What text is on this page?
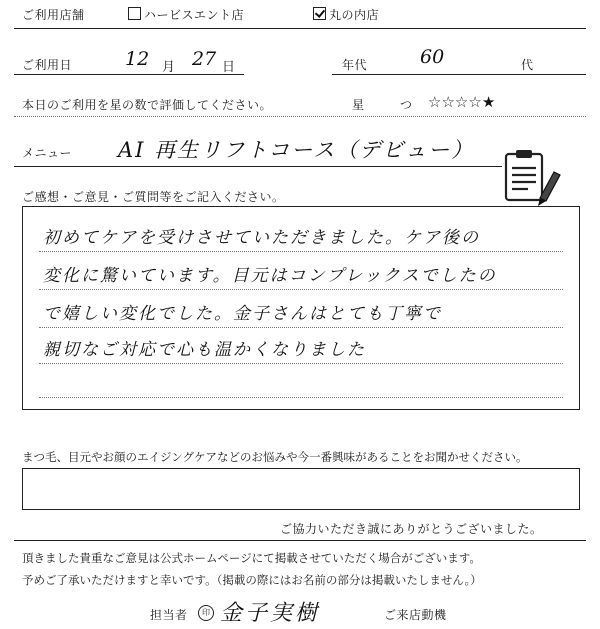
ご利用店舗	ハービスエント店	丸の内店
ご利用日	12 月 27 日	年代	60	代
本日のご利用を星の数で評価してください。	星	つ ☆☆☆☆★
メニュー AI 再生リフトコース（デビュー）
ご感想・ご意見・ご質問等をご記入ください。
初めてケアを受けさせていただきました。ケア後の
変化に驚いています。目元はコンプレックスでしたの
で嬉しい変化でした。金子さんはとても丁寧で
親切なご対応で心も温かくなりました
まつ毛、目元やお顔のエイジングケアなどのお悩みや今一番興味があることをお聞かせください。
ご協力いただき誠にありがとうございました。
頂きました貴重なご意見は公式ホームページにて掲載させていただく場合がございます。
予めご了承いただけますと幸いです。（掲載の際にはお名前の部分は掲載いたしません。）
担当者	印 金子実樹	ご来店動機
